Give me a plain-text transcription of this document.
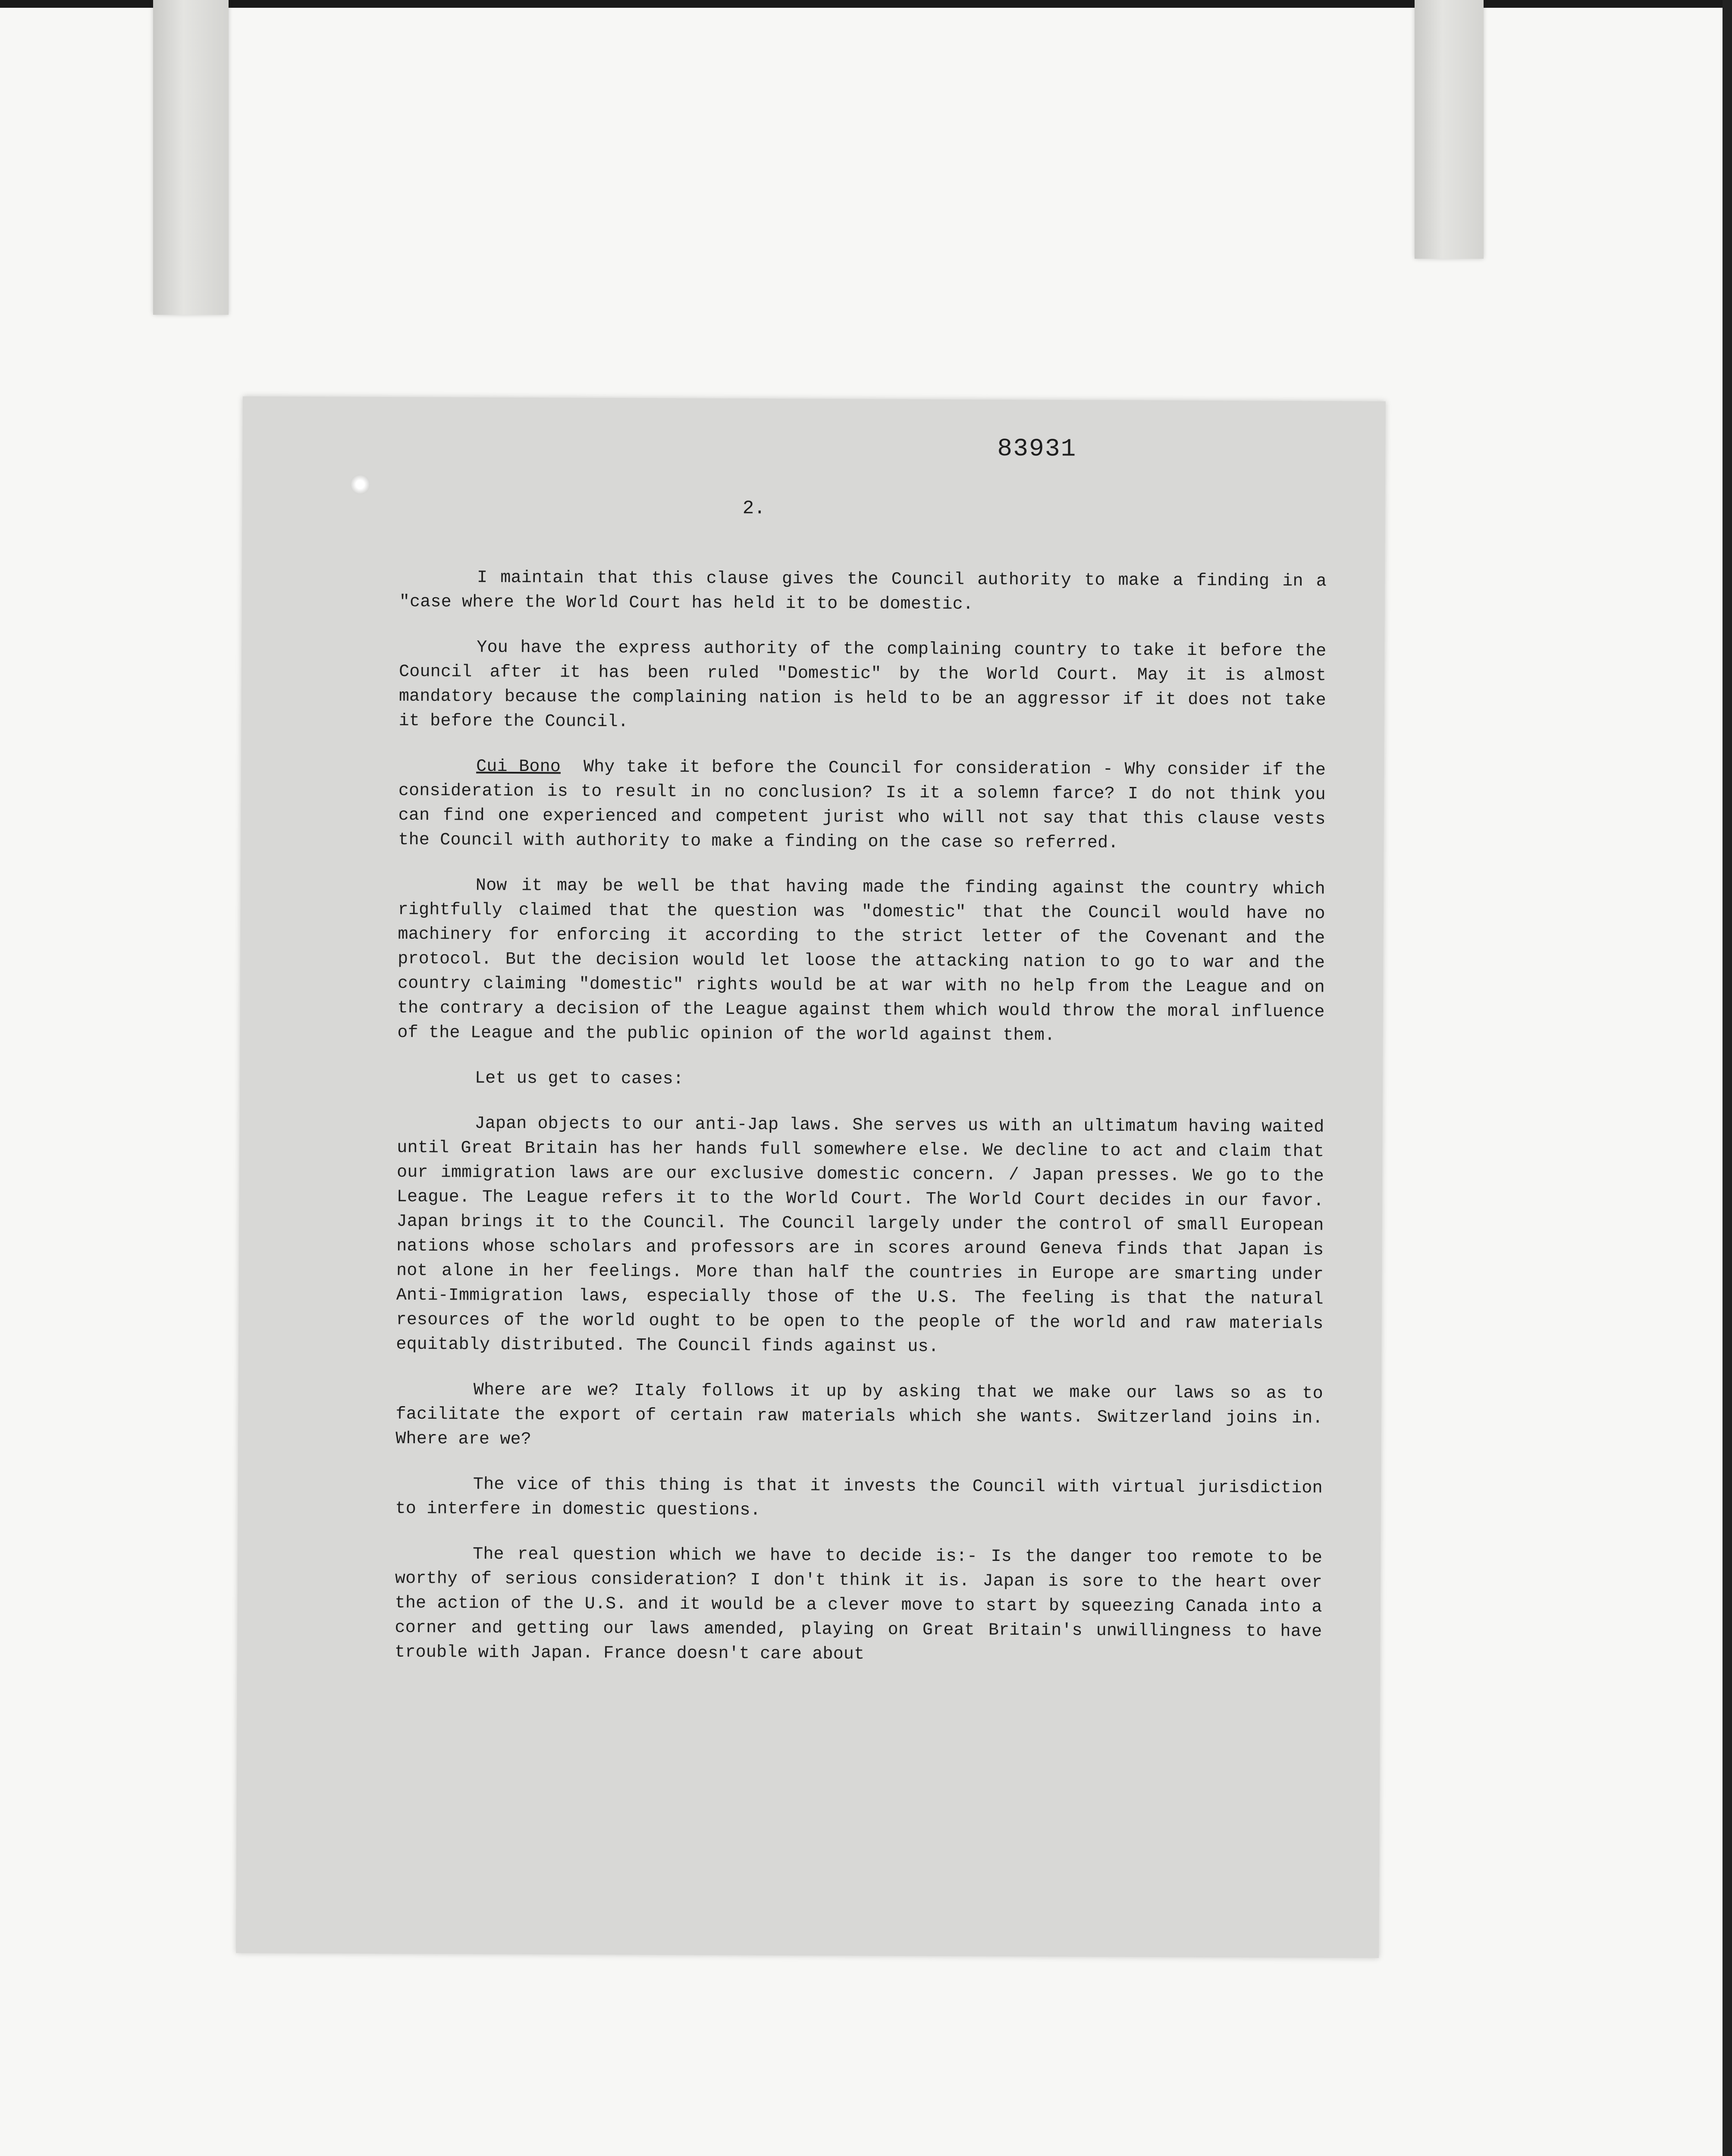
83931
2.

I maintain that this clause gives the Council authority to make a finding in a "case where the World Court has held it to be domestic.

You have the express authority of the complaining country to take it before the Council after it has been ruled "Domestic" by the World Court. May it is almost mandatory because the complaining nation is held to be an aggressor if it does not take it before the Council.

Cui Bono Why take it before the Council for consideration - Why consider if the consideration is to result in no conclusion? Is it a solemn farce? I do not think you can find one experienced and competent jurist who will not say that this clause vests the Council with authority to make a finding on the case so referred.

Now it may be well be that having made the finding against the country which rightfully claimed that the question was "domestic" that the Council would have no machinery for enforcing it according to the strict letter of the Covenant and the protocol. But the decision would let loose the attacking nation to go to war and the country claiming "domestic" rights would be at war with no help from the League and on the contrary a decision of the League against them which would throw the moral influence of the League and the public opinion of the world against them.

Let us get to cases:

Japan objects to our anti-Jap laws. She serves us with an ultimatum having waited until Great Britain has her hands full somewhere else. We decline to act and claim that our immigration laws are our exclusive domestic concern. / Japan presses. We go to the League. The League refers it to the World Court. The World Court decides in our favor. Japan brings it to the Council. The Council largely under the control of small European nations whose scholars and professors are in scores around Geneva finds that Japan is not alone in her feelings. More than half the countries in Europe are smarting under Anti-Immigration laws, especially those of the U.S. The feeling is that the natural resources of the world ought to be open to the people of the world and raw materials equitably distributed. The Council finds against us.

Where are we? Italy follows it up by asking that we make our laws so as to facilitate the export of certain raw materials which she wants. Switzerland joins in. Where are we?

The vice of this thing is that it invests the Council with virtual jurisdiction to interfere in domestic questions.

The real question which we have to decide is:- Is the danger too remote to be worthy of serious consideration? I don't think it is. Japan is sore to the heart over the action of the U.S. and it would be a clever move to start by squeezing Canada into a corner and getting our laws amended, playing on Great Britain's unwillingness to have trouble with Japan. France doesn't care about
